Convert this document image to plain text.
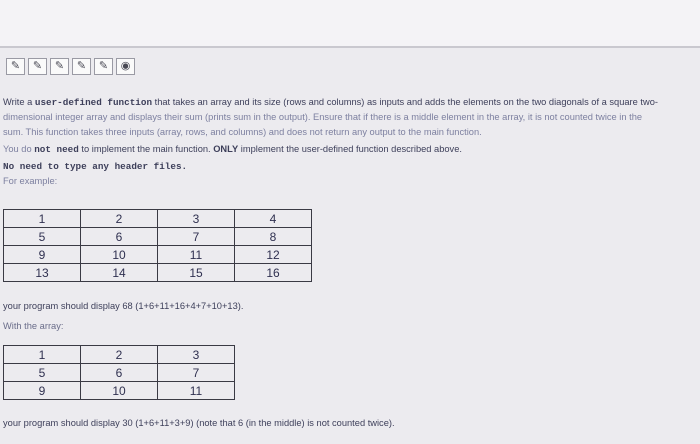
✎	✎	✎	✎	✎	◉

Write a user-defined function that takes an array and its size (rows and columns) as inputs and adds the elements on the two diagonals of a square two-

dimensional integer array and displays their sum (prints sum in the output). Ensure that if there is a middle element in the array, it is not counted twice in the

sum. This function takes three inputs (array, rows, and columns) and does not return any output to the main function.

You do not need to implement the main function. ONLY implement the user-defined function described above.

No need to type any header files.

For example:

1	2	3	4
5	6	7	8
9	10	11	12
13	14	15	16
your program should display 68 (1+6+11+16+4+7+10+13).
With the array:
1	2	3
5	6	7
9	10	11
your program should display 30 (1+6+11+3+9) (note that 6 (in the middle) is not counted twice).
